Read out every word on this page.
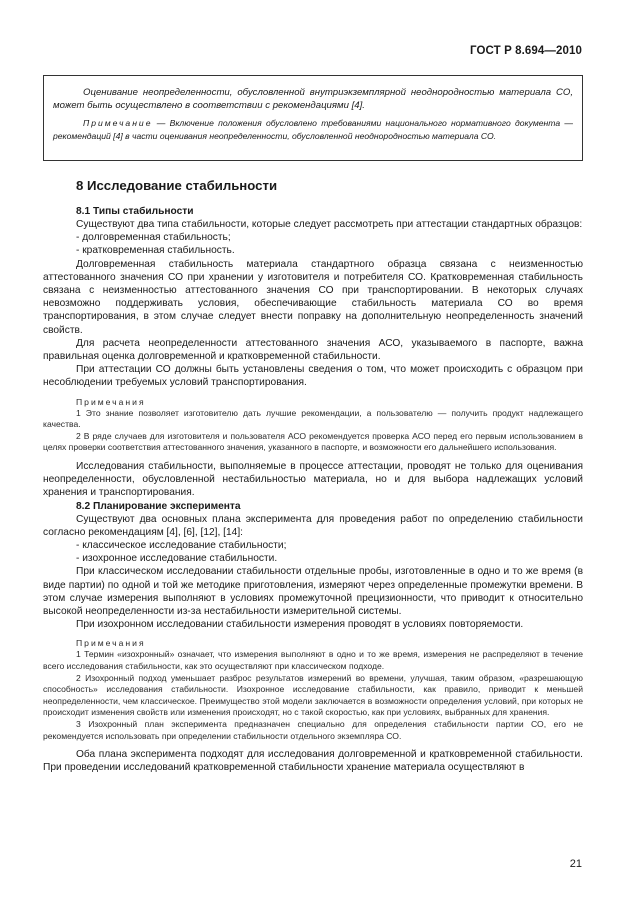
ГОСТ Р 8.694—2010

Оценивание неопределенности, обусловленной внутриэкземплярной неоднородностью материала СО, может быть осуществлено в соответствии с рекомендациями [4].

Примечание — Включение положения обусловлено требованиями национального нормативного документа — рекомендаций [4] в части оценивания неопределенности, обусловленной неоднородностью материала СО.

8 Исследование стабильности
8.1 Типы стабильности

Существуют два типа стабильности, которые следует рассмотреть при аттестации стандартных образцов:

- долговременная стабильность;
- кратковременная стабильность.

Долговременная стабильность материала стандартного образца связана с неизменностью аттестованного значения СО при хранении у изготовителя и потребителя СО. Кратковременная стабильность связана с неизменностью аттестованного значения СО при транспортировании. В некоторых случаях невозможно поддерживать условия, обеспечивающие стабильность материала СО во время транспортирования, в этом случае следует внести поправку на дополнительную неопределенность значений свойств.

Для расчета неопределенности аттестованного значения АСО, указываемого в паспорте, важна правильная оценка долговременной и кратковременной стабильности.

При аттестации СО должны быть установлены сведения о том, что может происходить с образцом при несоблюдении требуемых условий транспортирования.

Примечания

1 Это знание позволяет изготовителю дать лучшие рекомендации, а пользователю — получить продукт надлежащего качества.

2 В ряде случаев для изготовителя и пользователя АСО рекомендуется проверка АСО перед его первым использованием в целях проверки соответствия аттестованного значения, указанного в паспорте, и возможности его дальнейшего использования.

Исследования стабильности, выполняемые в процессе аттестации, проводят не только для оценивания неопределенности, обусловленной нестабильностью материала, но и для выбора надлежащих условий хранения и транспортирования.

8.2 Планирование эксперимента

Существуют два основных плана эксперимента для проведения работ по определению стабильности согласно рекомендациям [4], [6], [12], [14]:

- классическое исследование стабильности;
- изохронное исследование стабильности.

При классическом исследовании стабильности отдельные пробы, изготовленные в одно и то же время (в виде партии) по одной и той же методике приготовления, измеряют через определенные промежутки времени. В этом случае измерения выполняют в условиях промежуточной прецизионности, что приводит к относительно высокой неопределенности из-за нестабильности измерительной системы.

При изохронном исследовании стабильности измерения проводят в условиях повторяемости.

Примечания

1 Термин «изохронный» означает, что измерения выполняют в одно и то же время, измерения не распределяют в течение всего исследования стабильности, как это осуществляют при классическом подходе.

2 Изохронный подход уменьшает разброс результатов измерений во времени, улучшая, таким образом, «разрешающую способность» исследования стабильности. Изохронное исследование стабильности, как правило, приводит к меньшей неопределенности, чем классическое. Преимущество этой модели заключается в возможности определения условий, при которых не происходит изменения свойств или изменения происходят, но с такой скоростью, как при условиях, выбранных для хранения.

3 Изохронный план эксперимента предназначен специально для определения стабильности партии СО, его не рекомендуется использовать при определении стабильности отдельного экземпляра СО.

Оба плана эксперимента подходят для исследования долговременной и кратковременной стабильности. При проведении исследований кратковременной стабильности хранение материала осуществляют в

21
